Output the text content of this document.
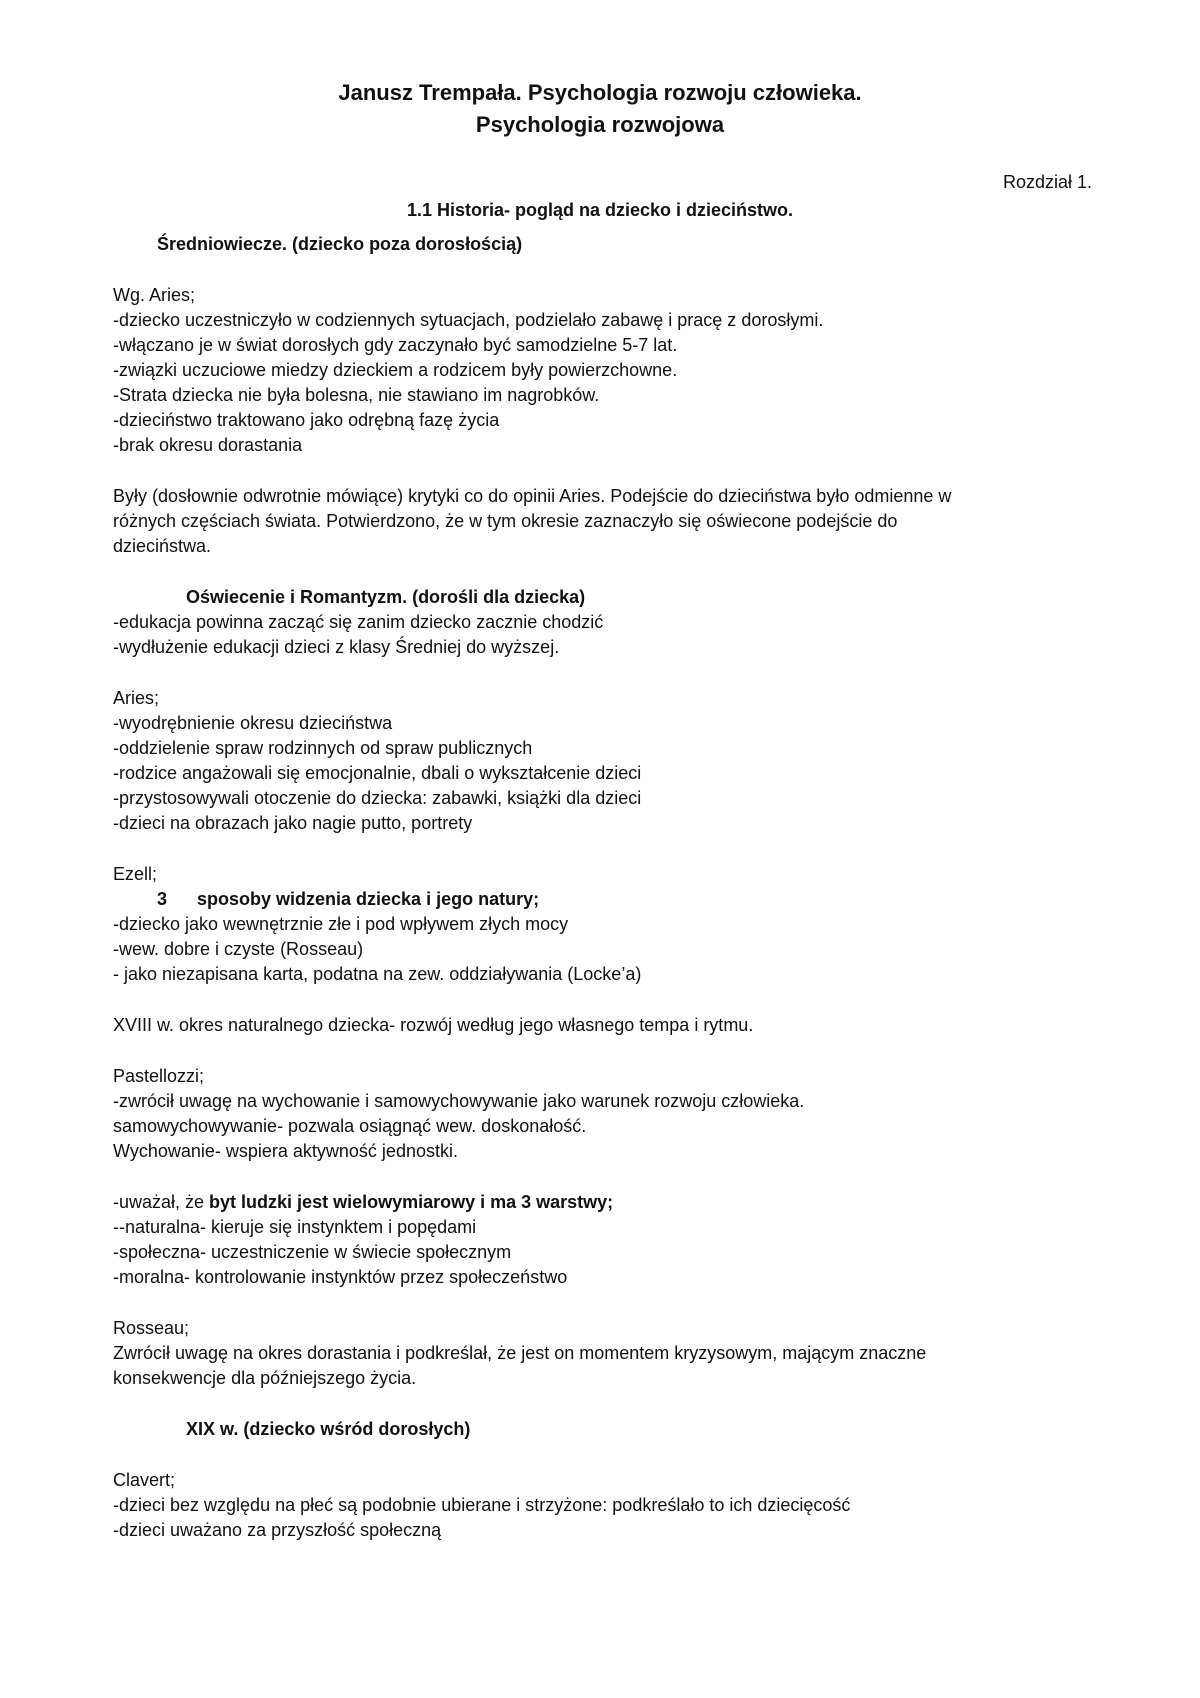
Janusz Trempała. Psychologia rozwoju człowieka.
Psychologia rozwojowa
Rozdział 1.
1.1 Historia- pogląd na dziecko i dzieciństwo.
Średniowiecze. (dziecko poza dorosłością)
Wg. Aries;
-dziecko uczestniczyło w codziennych sytuacjach, podzielało zabawę i pracę z dorosłymi.
-włączano je w świat dorosłych gdy zaczynało być samodzielne 5-7 lat.
-związki uczuciowe miedzy dzieckiem a rodzicem były powierzchowne.
-Strata dziecka nie była bolesna, nie stawiano im nagrobków.
-dzieciństwo traktowano jako odrębną fazę życia
-brak okresu dorastania
Były (dosłownie odwrotnie mówiące) krytyki co do opinii Aries. Podejście do dzieciństwa było odmienne w
różnych częściach świata. Potwierdzono, że w tym okresie zaznaczyło się oświecone podejście do
dzieciństwa.
Oświecenie i Romantyzm. (dorośli dla dziecka)
-edukacja powinna zacząć się zanim dziecko zacznie chodzić
-wydłużenie edukacji dzieci z klasy Średniej do wyższej.
Aries;
-wyodrębnienie okresu dzieciństwa
-oddzielenie spraw rodzinnych od spraw publicznych
-rodzice angażowali się emocjonalnie, dbali o wykształcenie dzieci
-przystosowywali otoczenie do dziecka: zabawki, książki dla dzieci
-dzieci na obrazach jako nagie putto, portrety
Ezell;
3 sposoby widzenia dziecka i jego natury;
-dziecko jako wewnętrznie złe i pod wpływem złych mocy
-wew. dobre i czyste (Rosseau)
- jako niezapisana karta, podatna na zew. oddziaływania (Locke’a)
XVIII w. okres naturalnego dziecka- rozwój według jego własnego tempa i rytmu.
Pastellozzi;
-zwrócił uwagę na wychowanie i samowychowywanie jako warunek rozwoju człowieka.
samowychowywanie- pozwala osiągnąć wew. doskonałość.
Wychowanie- wspiera aktywność jednostki.
-uważał, że byt ludzki jest wielowymiarowy i ma 3 warstwy;
--naturalna- kieruje się instynktem i popędami
-społeczna- uczestniczenie w świecie społecznym
-moralna- kontrolowanie instynktów przez społeczeństwo
Rosseau;
Zwrócił uwagę na okres dorastania i podkreślał, że jest on momentem kryzysowym, mającym znaczne
konsekwencje dla późniejszego życia.
XIX w. (dziecko wśród dorosłych)
Clavert;
-dzieci bez względu na płeć są podobnie ubierane i strzyżone: podkreślało to ich dziecięcość
-dzieci uważano za przyszłość społeczną
